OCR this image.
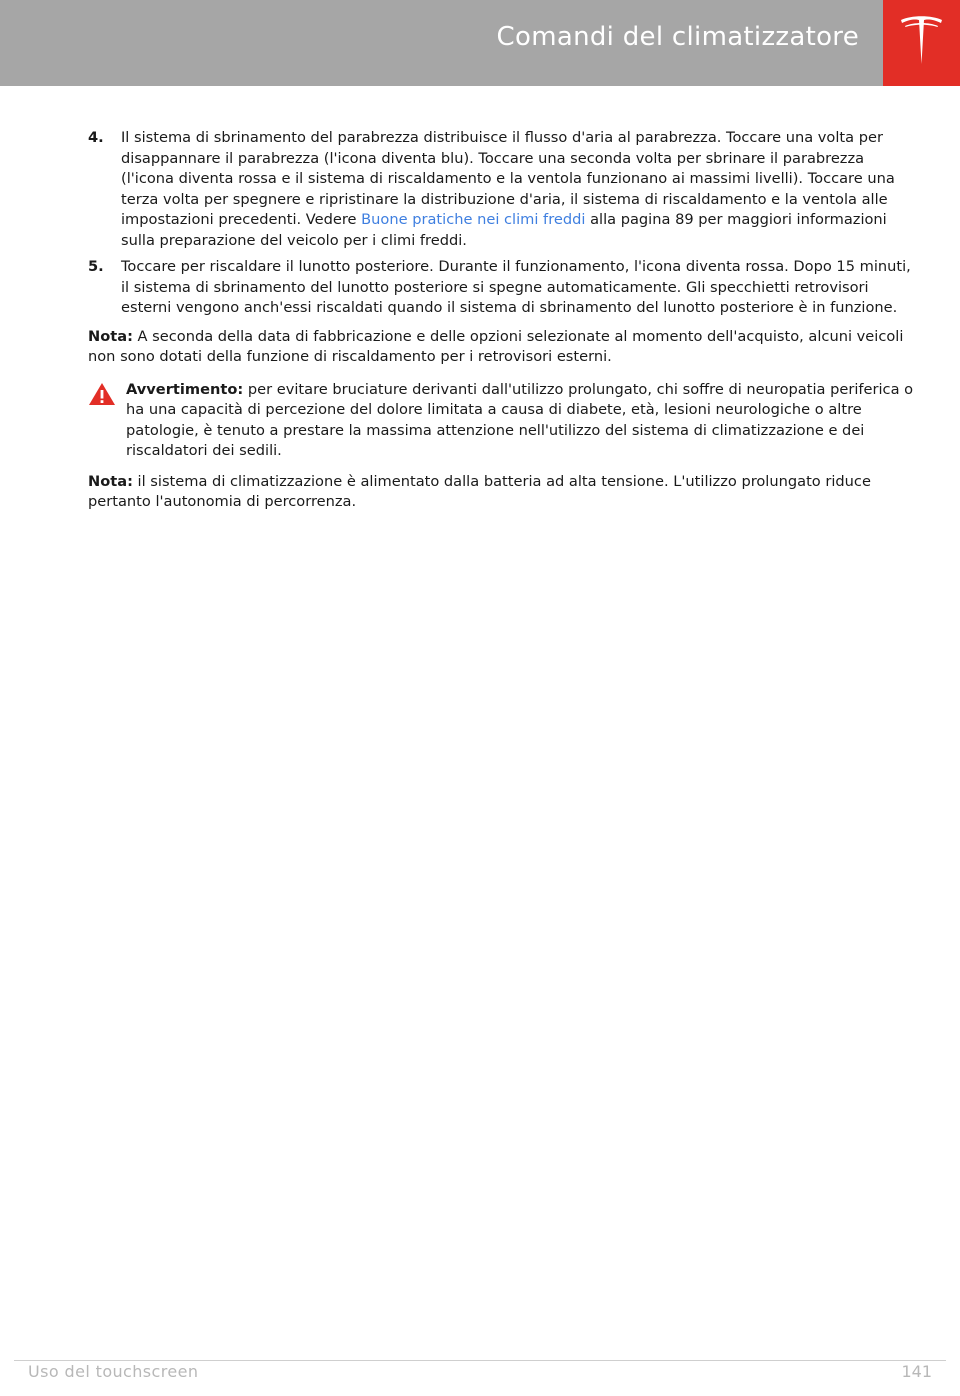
Comandi del climatizzatore
4. Il sistema di sbrinamento del parabrezza distribuisce il flusso d'aria al parabrezza. Toccare una volta per disappannare il parabrezza (l'icona diventa blu). Toccare una seconda volta per sbrinare il parabrezza (l'icona diventa rossa e il sistema di riscaldamento e la ventola funzionano ai massimi livelli). Toccare una terza volta per spegnere e ripristinare la distribuzione d'aria, il sistema di riscaldamento e la ventola alle impostazioni precedenti. Vedere Buone pratiche nei climi freddi alla pagina 89 per maggiori informazioni sulla preparazione del veicolo per i climi freddi.
5. Toccare per riscaldare il lunotto posteriore. Durante il funzionamento, l'icona diventa rossa. Dopo 15 minuti, il sistema di sbrinamento del lunotto posteriore si spegne automaticamente. Gli specchietti retrovisori esterni vengono anch'essi riscaldati quando il sistema di sbrinamento del lunotto posteriore è in funzione.
Nota: A seconda della data di fabbricazione e delle opzioni selezionate al momento dell'acquisto, alcuni veicoli non sono dotati della funzione di riscaldamento per i retrovisori esterni.
Avvertimento: per evitare bruciature derivanti dall'utilizzo prolungato, chi soffre di neuropatia periferica o ha una capacità di percezione del dolore limitata a causa di diabete, età, lesioni neurologiche o altre patologie, è tenuto a prestare la massima attenzione nell'utilizzo del sistema di climatizzazione e dei riscaldatori dei sedili.
Nota: il sistema di climatizzazione è alimentato dalla batteria ad alta tensione. L'utilizzo prolungato riduce pertanto l'autonomia di percorrenza.
Uso del touchscreen	141
